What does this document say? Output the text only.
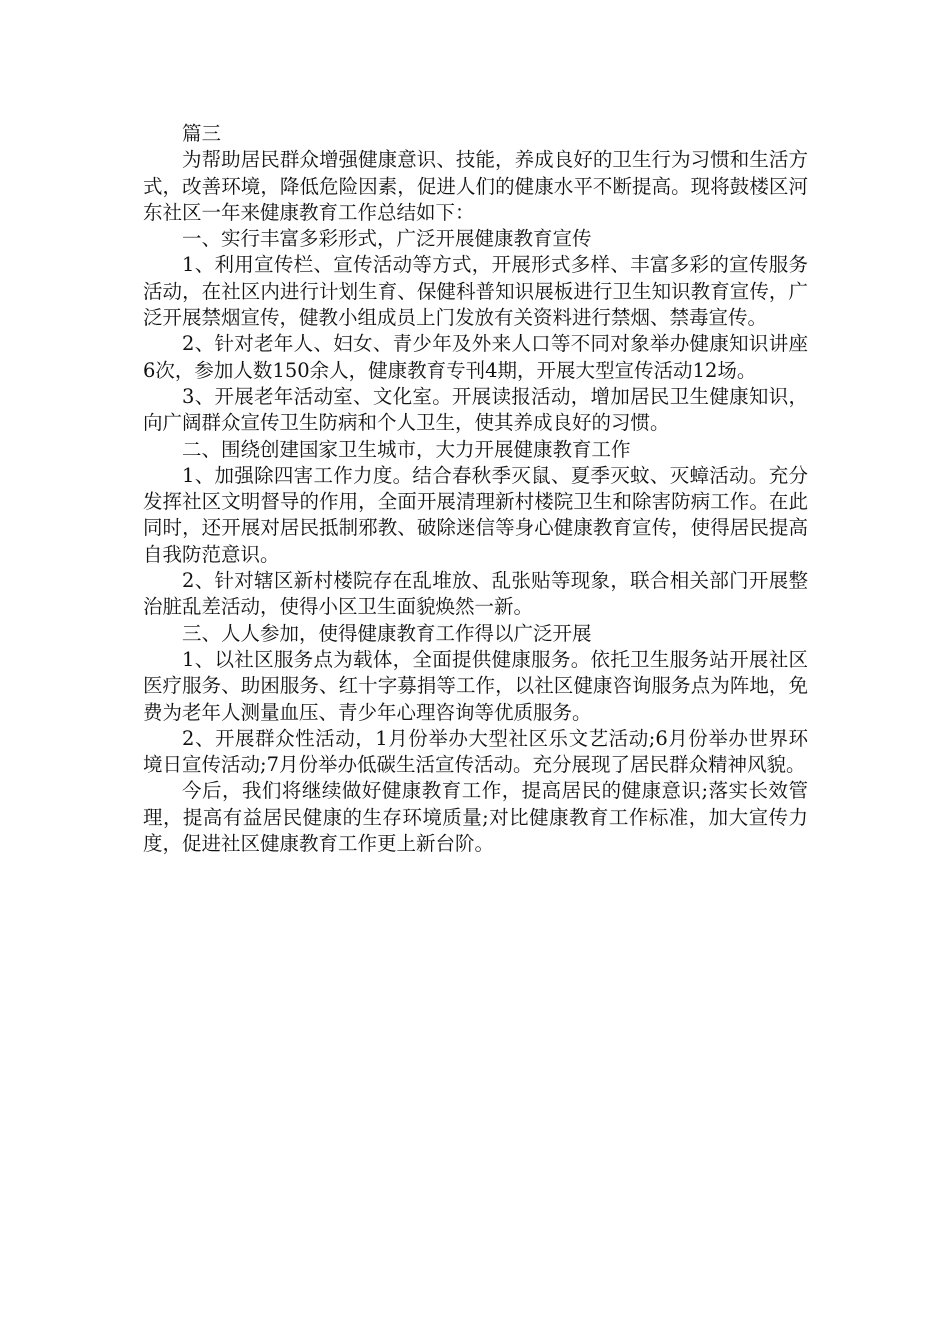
篇三

为帮助居民群众增强健康意识、技能，养成良好的卫生行为习惯和生活方式，改善环境，降低危险因素，促进人们的健康水平不断提高。现将鼓楼区河东社区一年来健康教育工作总结如下：

一、实行丰富多彩形式，广泛开展健康教育宣传

1、利用宣传栏、宣传活动等方式，开展形式多样、丰富多彩的宣传服务活动，在社区内进行计划生育、保健科普知识展板进行卫生知识教育宣传，广泛开展禁烟宣传，健教小组成员上门发放有关资料进行禁烟、禁毒宣传。

2、针对老年人、妇女、青少年及外来人口等不同对象举办健康知识讲座6次，参加人数150余人，健康教育专刊4期，开展大型宣传活动12场。

3、开展老年活动室、文化室。开展读报活动，增加居民卫生健康知识，向广阔群众宣传卫生防病和个人卫生，使其养成良好的习惯。

二、围绕创建国家卫生城市，大力开展健康教育工作

1、加强除四害工作力度。结合春秋季灭鼠、夏季灭蚊、灭蟑活动。充分发挥社区文明督导的作用，全面开展清理新村楼院卫生和除害防病工作。在此同时，还开展对居民抵制邪教、破除迷信等身心健康教育宣传，使得居民提高自我防范意识。

2、针对辖区新村楼院存在乱堆放、乱张贴等现象，联合相关部门开展整治脏乱差活动，使得小区卫生面貌焕然一新。

三、人人参加，使得健康教育工作得以广泛开展

1、以社区服务点为载体，全面提供健康服务。依托卫生服务站开展社区医疗服务、助困服务、红十字募捐等工作，以社区健康咨询服务点为阵地，免费为老年人测量血压、青少年心理咨询等优质服务。

2、开展群众性活动，1月份举办大型社区乐文艺活动;6月份举办世界环境日宣传活动;7月份举办低碳生活宣传活动。充分展现了居民群众精神风貌。

今后，我们将继续做好健康教育工作，提高居民的健康意识;落实长效管理，提高有益居民健康的生存环境质量;对比健康教育工作标准，加大宣传力度，促进社区健康教育工作更上新台阶。
